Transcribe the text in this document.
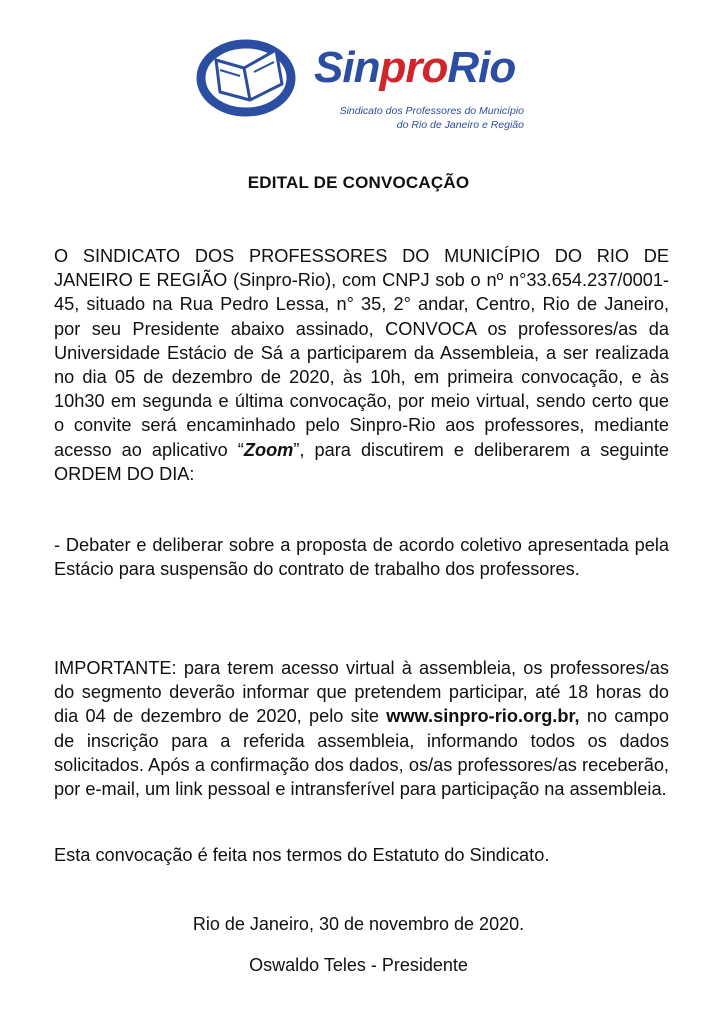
SinproRio
Sindicato dos Professores do Município
do Rio de Janeiro e Região
EDITAL DE CONVOCAÇÃO
O SINDICATO DOS PROFESSORES DO MUNICÍPIO DO RIO DE JANEIRO E REGIÃO (Sinpro-Rio), com CNPJ sob o nº n°33.654.237/0001-45, situado na Rua Pedro Lessa, n° 35, 2° andar, Centro, Rio de Janeiro, por seu Presidente abaixo assinado, CONVOCA os professores/as da Universidade Estácio de Sá a participarem da Assembleia, a ser realizada no dia 05 de dezembro de 2020, às 10h, em primeira convocação, e às 10h30 em segunda e última convocação, por meio virtual, sendo certo que o convite será encaminhado pelo Sinpro-Rio aos professores, mediante acesso ao aplicativo “Zoom”, para discutirem e deliberarem a seguinte ORDEM DO DIA:
- Debater e deliberar sobre a proposta de acordo coletivo apresentada pela Estácio para suspensão do contrato de trabalho dos professores.
IMPORTANTE: para terem acesso virtual à assembleia, os professores/as do segmento deverão informar que pretendem participar, até 18 horas do dia 04 de dezembro de 2020, pelo site www.sinpro-rio.org.br, no campo de inscrição para a referida assembleia, informando todos os dados solicitados. Após a confirmação dos dados, os/as professores/as receberão, por e-mail, um link pessoal e intransferível para participação na assembleia.
Esta convocação é feita nos termos do Estatuto do Sindicato.
Rio de Janeiro, 30 de novembro de 2020.
Oswaldo Teles - Presidente
